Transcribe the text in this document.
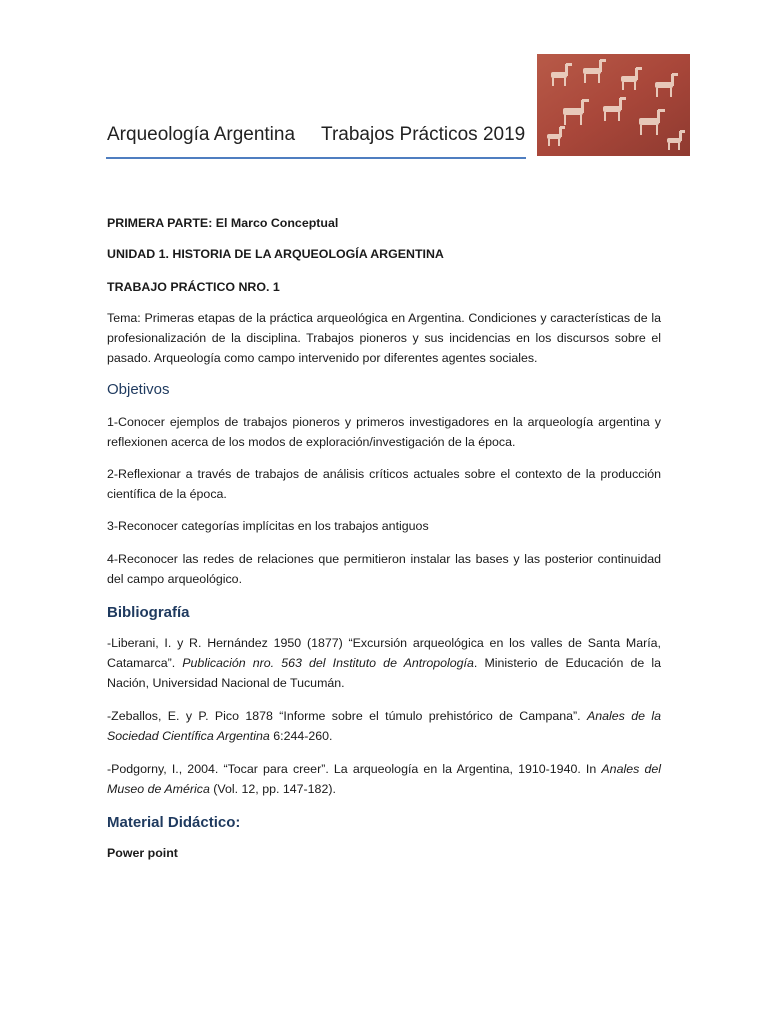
Arqueología Argentina Trabajos Prácticos 2019

PRIMERA PARTE: El Marco Conceptual

UNIDAD 1. HISTORIA DE LA ARQUEOLOGÍA ARGENTINA

TRABAJO PRÁCTICO NRO. 1

Tema: Primeras etapas de la práctica arqueológica en Argentina. Condiciones y características de la profesionalización de la disciplina. Trabajos pioneros y sus incidencias en los discursos sobre el pasado. Arqueología como campo intervenido por diferentes agentes sociales.

Objetivos

1-Conocer ejemplos de trabajos pioneros y primeros investigadores en la arqueología argentina y reflexionen acerca de los modos de exploración/investigación de la época.

2-Reflexionar a través de trabajos de análisis críticos actuales sobre el contexto de la producción científica de la época.

3-Reconocer categorías implícitas en los trabajos antiguos

4-Reconocer las redes de relaciones que permitieron instalar las bases y las posterior continuidad del campo arqueológico.

Bibliografía

-Liberani, I. y R. Hernández 1950 (1877) “Excursión arqueológica en los valles de Santa María, Catamarca”. Publicación nro. 563 del Instituto de Antropología. Ministerio de Educación de la Nación, Universidad Nacional de Tucumán.

-Zeballos, E. y P. Pico 1878 “Informe sobre el túmulo prehistórico de Campana”. Anales de la Sociedad Científica Argentina 6:244-260.

-Podgorny, I., 2004. “Tocar para creer”. La arqueología en la Argentina, 1910-1940. In Anales del Museo de América (Vol. 12, pp. 147-182).

Material Didáctico:

Power point
